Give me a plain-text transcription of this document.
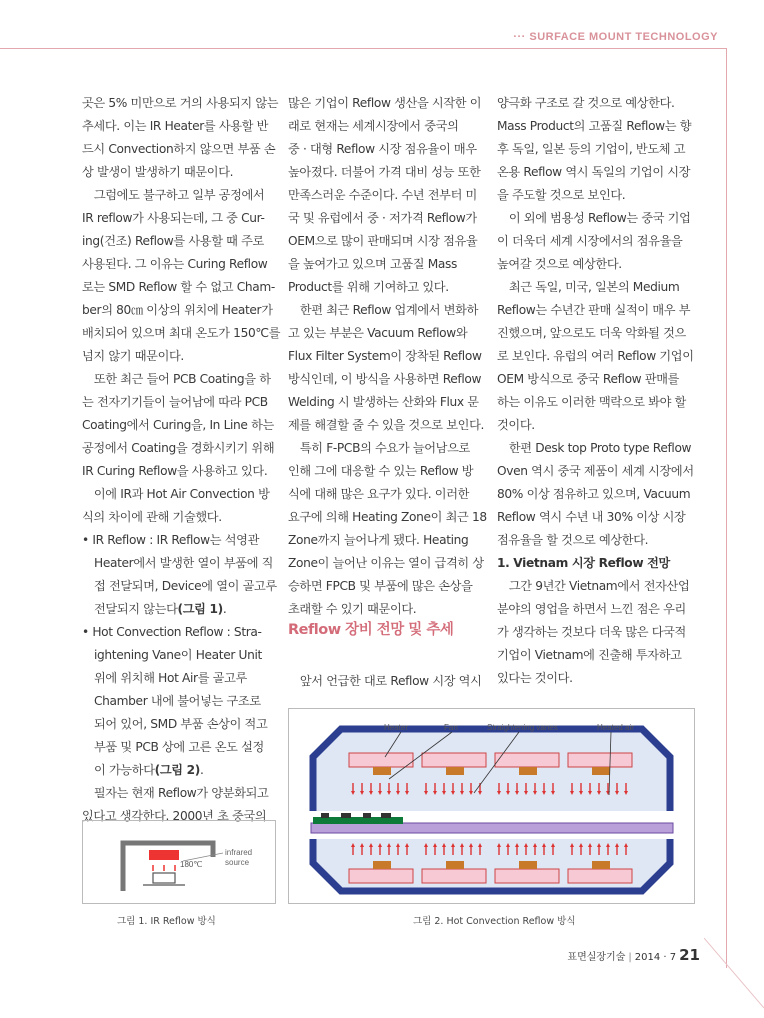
··· SURFACE MOUNT TECHNOLOGY

곳은 5% 미만으로 거의 사용되지 않는

추세다. 이는 IR Heater를 사용할 반

드시 Convection하지 않으면 부품 손

상 발생이 발생하기 때문이다.

　그럼에도 불구하고 일부 공정에서

IR reflow가 사용되는데, 그 중 Cur-

ing(건조) Reflow를 사용할 때 주로

사용된다. 그 이유는 Curing Reflow

로는 SMD Reflow 할 수 없고 Cham-

ber의 80㎝ 이상의 위치에 Heater가

배치되어 있으며 최대 온도가 150℃를

넘지 않기 때문이다.

　또한 최근 들어 PCB Coating을 하

는 전자기기들이 늘어남에 따라 PCB

Coating에서 Curing을, In Line 하는

공정에서 Coating을 경화시키기 위해

IR Curing Reflow을 사용하고 있다.

　이에 IR과 Hot Air Convection 방

식의 차이에 관해 기술했다.

• IR Reflow : IR Reflow는 석영관

Heater에서 발생한 열이 부품에 직

접 전달되며, Device에 열이 골고루

전달되지 않는다(그림 1).

• Hot Convection Reflow : Stra-

ightening Vane이 Heater Unit

위에 위치해 Hot Air를 골고루

Chamber 내에 불어넣는 구조로

되어 있어, SMD 부품 손상이 적고

부품 및 PCB 상에 고른 온도 설정

이 가능하다(그림 2).

　필자는 현재 Reflow가 양분화되고

있다고 생각한다. 2000년 초 중국의

많은 기업이 Reflow 생산을 시작한 이

래로 현재는 세계시장에서 중국의

중 · 대형 Reflow 시장 점유율이 매우

높아졌다. 더불어 가격 대비 성능 또한

만족스러운 수준이다. 수년 전부터 미

국 및 유럽에서 중 · 저가격 Reflow가

OEM으로 많이 판매되며 시장 점유율

을 높여가고 있으며 고품질 Mass

Product를 위해 기여하고 있다.

　한편 최근 Reflow 업계에서 변화하

고 있는 부분은 Vacuum Reflow와

Flux Filter System이 장착된 Reflow

방식인데, 이 방식을 사용하면 Reflow

Welding 시 발생하는 산화와 Flux 문

제를 해결할 줄 수 있을 것으로 보인다.

　특히 F-PCB의 수요가 늘어남으로

인해 그에 대응할 수 있는 Reflow 방

식에 대해 많은 요구가 있다. 이러한

요구에 의해 Heating Zone이 최근 18

Zone까지 늘어나게 됐다. Heating

Zone이 늘어난 이유는 열이 급격히 상

승하면 FPCB 및 부품에 많은 손상을

초래할 수 있기 때문이다.

Reflow 장비 전망 및 추세

　앞서 언급한 대로 Reflow 시장 역시

양극화 구조로 갈 것으로 예상한다.

Mass Product의 고품질 Reflow는 향

후 독일, 일본 등의 기업이, 반도체 고

온용 Reflow 역시 독일의 기업이 시장

을 주도할 것으로 보인다.

　이 외에 범용성 Reflow는 중국 기업

이 더욱더 세계 시장에서의 점유율을

높여갈 것으로 예상한다.

　최근 독일, 미국, 일본의 Medium

Reflow는 수년간 판매 실적이 매우 부

진했으며, 앞으로도 더욱 악화될 것으

로 보인다. 유럽의 여러 Reflow 기업이

OEM 방식으로 중국 Reflow 판매를

하는 이유도 이러한 맥락으로 봐야 할

것이다.

　한편 Desk top Proto type Reflow

Oven 역시 중국 제품이 세계 시장에서

80% 이상 점유하고 있으며, Vacuum

Reflow 역시 수년 내 30% 이상 시장

점유율을 할 것으로 예상한다.

1. Vietnam 시장 Reflow 전망

　그간 9년간 Vietnam에서 전자산업

분야의 영업을 하면서 느낀 점은 우리

가 생각하는 것보다 더욱 많은 다국적

기업이 Vietnam에 진출해 투자하고

있다는 것이다.

180℃
infrared
source
그림 1. IR Reflow 방식
Heater	Fan	Straightening vanes	Heated air
그림 2. Hot Convection Reflow 방식
표면실장기술 | 2014 · 7 21
